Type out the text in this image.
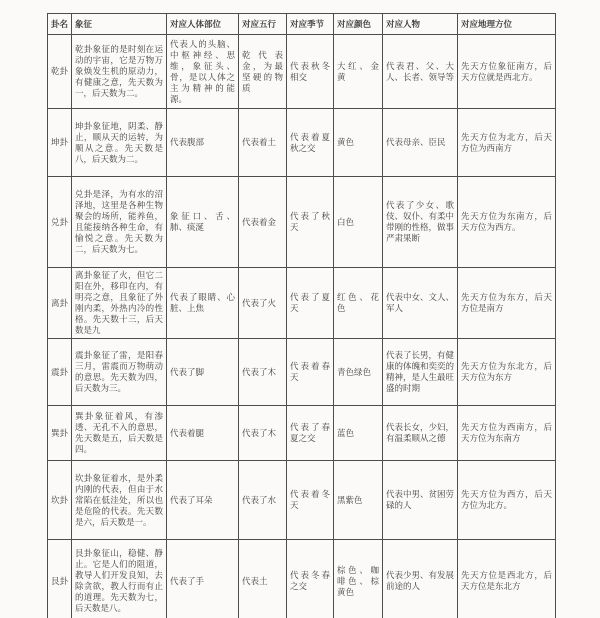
卦名	象征	对应人体部位	对应五行	对应季节	对应颜色	对应人物	对应地理方位
乾卦	乾卦象征的是时刻在运动的宇宙，它是万物万象焕发生机的原动力，有健康之意，先天数为一，后天数为二。	代表人的头脑、中枢神经、思维，象征头、骨，是以人体之主为精神的能源。	乾代表金，为最坚硬的物质	代表秋冬相交	大红、金黄	代表君、父、大人、长者、领导等	先天方位象征南方，后天方位就是西北方。
坤卦	坤卦象征地，阴柔、静止，顺从天的运转，为顺从之意。先天数是八，后天数为二。	代表腹部	代表着土	代表着夏秋之交	黄色	代表母亲、臣民	先天方位为北方，后天方位为西南方
兑卦	兑卦是泽，为有水的沼泽地，这里是各种生物聚会的场所，能养鱼，且能接纳各种生命，有愉悦之意。先天数为二，后天数为七。	象征口、舌、肺、痰涎	代表着金	代表了秋天	白色	代表了少女、歌伎、奴仆、有柔中带刚的性格，做事严肃果断	先天方位为东南方，后天方位为西方。
离卦	离卦象征了火，但它二阳在外，移印在内，有明亮之意，且象征了外刚内柔，外热内冷的性格。先天数十三，后天数是九	代表了眼睛、心脏、上焦	代表了火	代表了夏天	红色、花色	代表中女、文人、军人	先天方位为东方，后天方位是南方
震卦	震卦象征了雷，是阳春三月，雷震而万物萌动的意思。先天数为四，后天数为三。	代表了脚	代表了木	代表着春天	青色绿色	代表了长男，有健康的体魄和奕奕的精神，是人生最旺盛的时期	先天方位为东北方，后天方位为东方
巽卦	巽卦象征着风，有渗透、无孔不入的意思，先天数是五，后天数是四。	代表着腿	代表了木	代表了春夏之交	蓝色	代表长女，少妇，有温柔顺从之德	先天方位为西南方，后天方位为东南方
坎卦	坎卦象征着水，是外柔内刚的代表，但由于水常陷在低洼处，所以也是危险的代表。先天数是六，后天数是一。	代表了耳朵	代表了水	代表着冬天	黑紫色	代表中男、贫困劳碌的人	先天方位为西方，后天方位为北方。
艮卦	艮卦象征山，稳健、静止。它是人们的阻道，教导人们开发良知，去除贪欲，教人行而有止的道理。先天数为七，后天数是八。	代表了手	代表土	代表冬春之交	棕色、咖啡色、棕黄色	代表少男、有发展前途的人	先天方位是西北方，后天方位是东北方
